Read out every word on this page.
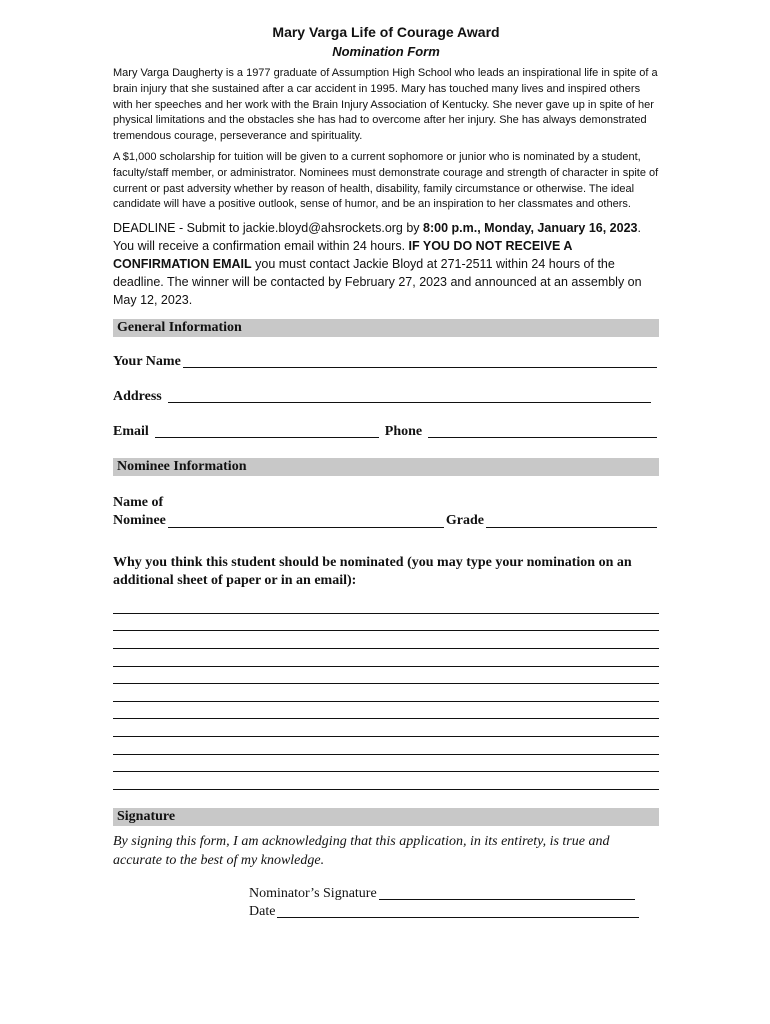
Mary Varga Life of Courage Award

Nomination Form

Mary Varga Daugherty is a 1977 graduate of Assumption High School who leads an inspirational life in spite of a brain injury that she sustained after a car accident in 1995. Mary has touched many lives and inspired others with her speeches and her work with the Brain Injury Association of Kentucky. She never gave up in spite of her physical limitations and the obstacles she has had to overcome after her injury. She has always demonstrated tremendous courage, perseverance and spirituality.

A $1,000 scholarship for tuition will be given to a current sophomore or junior who is nominated by a student, faculty/staff member, or administrator. Nominees must demonstrate courage and strength of character in spite of current or past adversity whether by reason of health, disability, family circumstance or otherwise. The ideal candidate will have a positive outlook, sense of humor, and be an inspiration to her classmates and others.

DEADLINE - Submit to jackie.bloyd@ahsrockets.org by 8:00 p.m., Monday, January 16, 2023. You will receive a confirmation email within 24 hours. IF YOU DO NOT RECEIVE A CONFIRMATION EMAIL you must contact Jackie Bloyd at 271-2511 within 24 hours of the deadline. The winner will be contacted by February 27, 2023 and announced at an assembly on May 12, 2023.

General Information

Your Name
Address
Email	Phone

Nominee Information

Name of
Nominee	Grade

Why you think this student should be nominated (you may type your nomination on an additional sheet of paper or in an email):

Signature

By signing this form, I am acknowledging that this application, in its entirety, is true and accurate to the best of my knowledge.

Nominator’s Signature
Date
